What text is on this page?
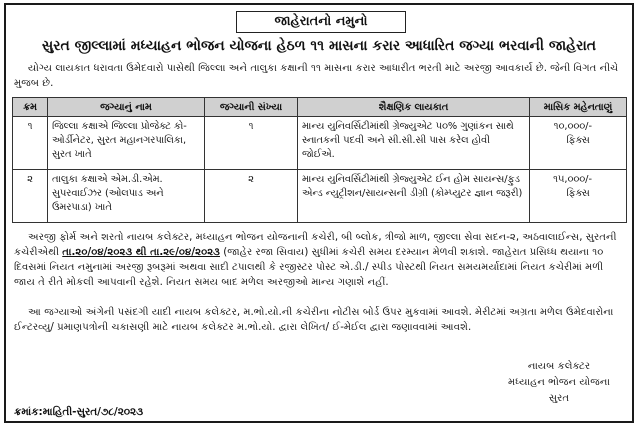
જાહેરાતનો નમુનો
સુરત જીલ્લામાં મધ્યાહન ભોજન યોજના હેઠળ ૧૧ માસના કરાર આધારિત જગ્યા ભરવાની જાહેરાત
યોગ્ય લાયકાત ધરાવતા ઉમેદવારો પાસેથી જિલ્લા અને તાલુકા કક્ષાની ૧૧ માસના કરાર આધારીત ભરતી માટે અરજી આવકાર્ય છે. જેની વિગત નીચે મુજબ છે.
ક્રમ	જગ્યાનું નામ	જગ્યાની સંખ્યા	શૈક્ષણિક લાયકાત	માસિક મહેનતાણું
૧	જિલ્લા કક્ષાએ જિલ્લા પ્રોજેક્ટ કો-ઓર્ડીનેટર, સુરત મહાનગરપાલિકા, સુરત ખાતે	૧	માન્ય યુનિવર્સિટીમાંથી ગ્રેજ્યુએટ ૫૦% ગુણાંકન સાથે સ્નાતકની પદવી અને સી.સી.સી પાસ કરેલ હોવી જોઈએ.	૧૦,૦૦૦/-
ફિક્સ

૨	તાલુકા કક્ષાએ એમ.ડી.એમ. સુપરવાઈઝર (ઓલપાડ અને ઉમરપાડા) ખાતે	૨	માન્ય યુનિવર્સિટીમાંથી ગ્રેજ્યુએટ ઈન હોમ સાયન્સ/ફુડ એન્ડ ન્યુટ્રીશન/સાયન્સની ડીગ્રી (કોમ્પ્યુટર જ્ઞાન જરૂરી)	૧૫,૦૦૦/-
ફિક્સ
અરજી ફોર્મ અને શરતો નાયબ કલેક્ટર, મધ્યાહન ભોજન યોજનાની કચેરી, બી બ્લોક, ત્રીજો માળ, જીલ્લા સેવા સદન-૨, અઠવાલાઈન્સ, સુરતની કચેરીએથી તા.૨૦/૦૪/૨૦૨૩ થી તા.૨૯/૦૪/૨૦૨૩ (જાહેર રજા સિવાય) સુધીમાં કચેરી સમય દરમ્યાન મેળવી શકાશે. જાહેરાત પ્રસિધ્ધ થયાના ૧૦ દિવસમાં નિયત નમુનામાં અરજી રૂબરૂમાં અથવા સાદી ટપાલથી કે રજીસ્ટર પોસ્ટ એ.ડી./ સ્પીડ પોસ્ટથી નિયત સમયમર્યાદામાં નિયત કચેરીમાં મળી જાય તે રીતે મોકલી આપવાની રહેશે. નિયત સમય બાદ મળેલ અરજીઓ માન્ય ગણાશે નહીં.
આ જગ્યાઓ અંગેની પસંદગી યાદી નાયબ કલેક્ટર, મ.ભો.યો.ની કચેરીના નોટીસ બોર્ડ ઉપર મુકવામાં આવશે. મેરીટમાં અગ્રતા મળેલ ઉમેદવારોના ઈન્ટરવ્યુ/ પ્રમાણપત્રોની ચકાસણી માટે નાયબ કલેક્ટર મ.ભો.યો. દ્વારા લેખિત/ ઈ-મેઈલ દ્વારા જણાવવામાં આવશે.
નાયબ કલેક્ટર
મધ્યાહન ભોજન યોજના
સુરત
ક્રમાંક:માહિતી-સુરત/૭૮/૨૦૨૩
